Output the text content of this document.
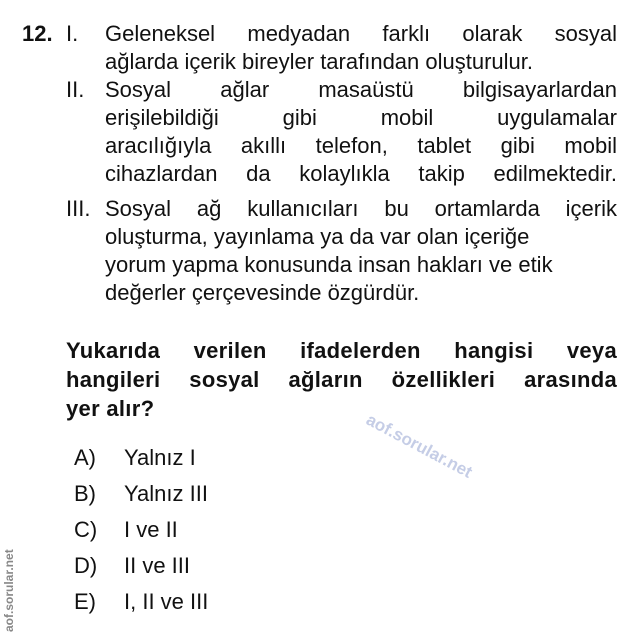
12. I. Geleneksel medyadan farklı olarak sosyal
ağlarda içerik bireyler tarafından oluşturulur.
II. Sosyal ağlar masaüstü bilgisayarlardan
erişilebildiği gibi mobil uygulamalar
aracılığıyla akıllı telefon, tablet gibi mobil
cihazlardan da kolaylıkla takip edilmektedir.
III. Sosyal ağ kullanıcıları bu ortamlarda içerik
oluşturma, yayınlama ya da var olan içeriğe
yorum yapma konusunda insan hakları ve etik
değerler çerçevesinde özgürdür.
Yukarıda verilen ifadelerden hangisi veya
hangileri sosyal ağların özellikleri arasında
yer alır?
aof.sorular.net
A) Yalnız I
B) Yalnız III
C) I ve II
D) II ve III
E) I, II ve III
aof.sorular.net
